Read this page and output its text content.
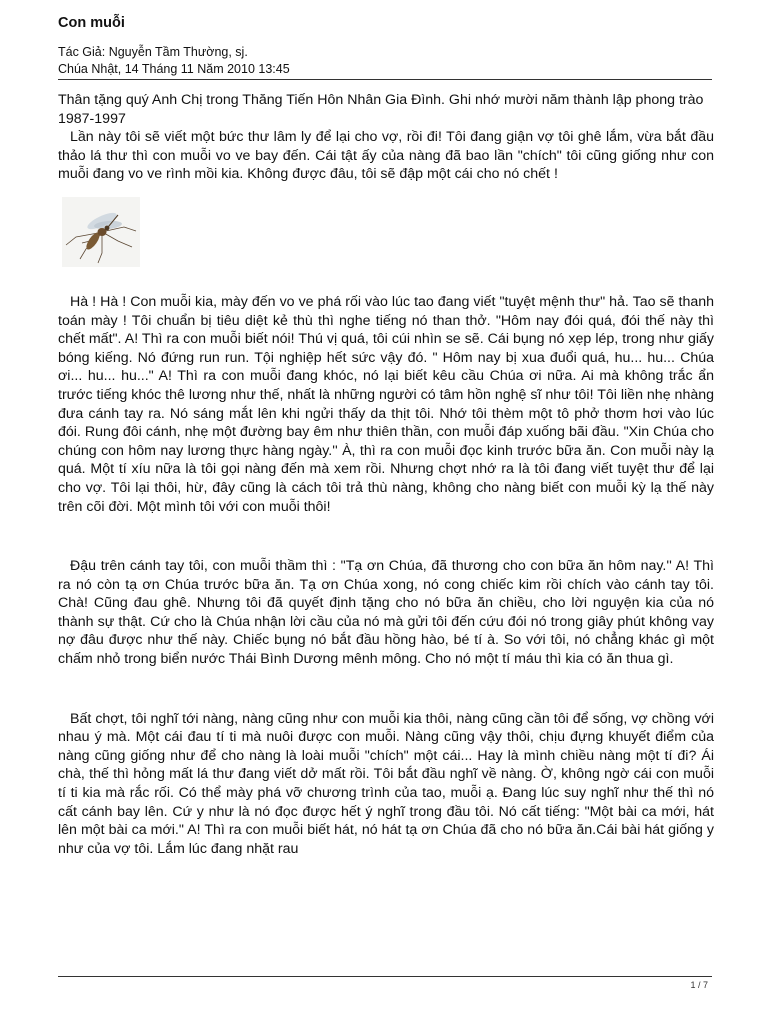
Con muỗi
Tác Giả: Nguyễn Tầm Thường, sj.
Chúa Nhật, 14 Tháng 11 Năm 2010 13:45

Thân tặng quý Anh Chị trong Thăng Tiến Hôn Nhân Gia Đình. Ghi nhớ mười năm thành lập phong trào 1987-1997

Lần này tôi sẽ viết một bức thư lâm ly để lại cho vợ, rồi đi! Tôi đang giận vợ tôi ghê lắm, vừa bắt đầu thảo lá thư thì con muỗi vo ve bay đến. Cái tật ấy của nàng đã bao lần "chích" tôi cũng giống như con muỗi đang vo ve rình mồi kia. Không được đâu, tôi sẽ đập một cái cho nó chết !

Hà ! Hà ! Con muỗi kia, mày đến vo ve phá rối vào lúc tao đang viết "tuyệt mệnh thư" hả. Tao sẽ thanh toán mày ! Tôi chuẩn bị tiêu diệt kẻ thù thì nghe tiếng nó than thở. "Hôm nay đói quá, đói thế này thì chết mất". A! Thì ra con muỗi biết nói! Thú vị quá, tôi cúi nhìn se sẽ. Cái bụng nó xẹp lép, trong như giấy bóng kiếng. Nó đứng run run. Tội nghiệp hết sức vậy đó. " Hôm nay bị xua đuổi quá, hu... hu... Chúa ơi... hu... hu..." A! Thì ra con muỗi đang khóc, nó lại biết kêu cầu Chúa ơi nữa. Ai mà không trắc ẩn trước tiếng khóc thê lương như thế, nhất là những người có tâm hồn nghệ sĩ như tôi! Tôi liền nhẹ nhàng đưa cánh tay ra. Nó sáng mắt lên khi ngửi thấy da thịt tôi. Nhớ tôi thèm một tô phở thơm hơi vào lúc đói. Rung đôi cánh, nhẹ một đường bay êm như thiên thần, con muỗi đáp xuống bãi đầu. "Xin Chúa cho chúng con hôm nay lương thực hàng ngày.'' À, thì ra con muỗi đọc kinh trước bữa ăn. Con muỗi này lạ quá. Một tí xíu nữa là tôi gọi nàng đến mà xem rồi. Nhưng chợt nhớ ra là tôi đang viết tuyệt thư để lại cho vợ. Tôi lại thôi, hừ, đây cũng là cách tôi trả thù nàng, không cho nàng biết con muỗi kỳ lạ thế này trên cõi đời. Một mình tôi với con muỗi thôi!

Đậu trên cánh tay tôi, con muỗi thầm thì : "Tạ ơn Chúa, đã thương cho con bữa ăn hôm nay.'' A! Thì ra nó còn tạ ơn Chúa trước bữa ăn. Tạ ơn Chúa xong, nó cong chiếc kim rồi chích vào cánh tay tôi. Chà! Cũng đau ghê. Nhưng tôi đã quyết định tặng cho nó bữa ăn chiều, cho lời nguyện kia của nó thành sự thật. Cứ cho là Chúa nhận lời cầu của nó mà gửi tôi đến cứu đói nó trong giây phút không vay nợ đâu được như thế này. Chiếc bụng nó bắt đầu hồng hào, bé tí à. So với tôi, nó chẳng khác gì một chấm nhỏ trong biển nước Thái Bình Dương mênh mông. Cho nó một tí máu thì kia có ăn thua gì.

Bất chợt, tôi nghĩ tới nàng, nàng cũng như con muỗi kia thôi, nàng cũng cần tôi để sống, vợ chồng với nhau ý mà. Một cái đau tí ti mà nuôi được con muỗi. Nàng cũng vậy thôi, chịu đựng khuyết điểm của nàng cũng giống như để cho nàng là loài muỗi "chích" một cái... Hay là mình chiều nàng một tí đi? Ái chà, thế thì hỏng mất lá thư đang viết dở mất rồi. Tôi bắt đầu nghĩ về nàng. Ờ, không ngờ cái con muỗi tí ti kia mà rắc rối. Có thể mày phá vỡ chương trình của tao, muỗi ạ. Đang lúc suy nghĩ như thế thì nó cất cánh bay lên. Cứ y như là nó đọc được hết ý nghĩ trong đầu tôi. Nó cất tiếng: "Một bài ca mới, hát lên một bài ca mới." A! Thì ra con muỗi biết hát, nó hát tạ ơn Chúa đã cho nó bữa ăn.Cái bài hát giống y như của vợ tôi. Lắm lúc đang nhặt rau

1 / 7
